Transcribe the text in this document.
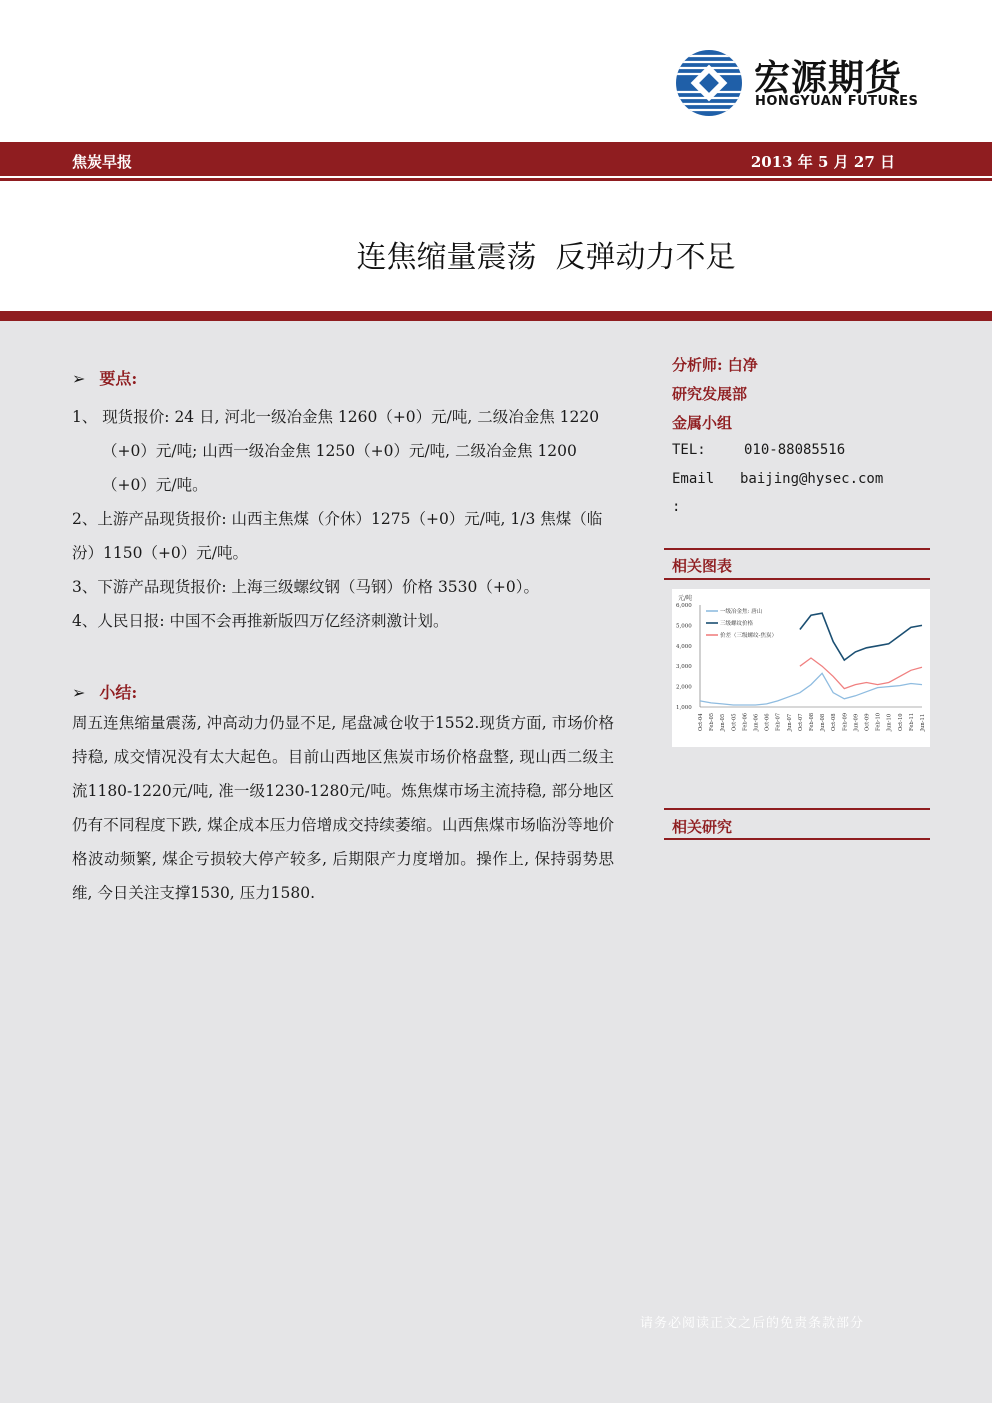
宏源期货
HONGYUAN FUTURES
焦炭早报	2013 年 5 月 27 日
连焦缩量震荡  反弹动力不足
➢ 要点:
1、 现货报价: 24 日, 河北一级冶金焦 1260（+0）元/吨, 二级冶金焦 1220（+0）元/吨; 山西一级冶金焦 1250（+0）元/吨, 二级冶金焦 1200（+0）元/吨。
2、上游产品现货报价: 山西主焦煤（介休）1275（+0）元/吨, 1/3 焦煤（临汾）1150（+0）元/吨。
3、下游产品现货报价: 上海三级螺纹钢（马钢）价格 3530（+0）。
4、人民日报: 中国不会再推新版四万亿经济刺激计划。
➢ 小结:
周五连焦缩量震荡, 冲高动力仍显不足, 尾盘减仓收于1552.现货方面, 市场价格持稳, 成交情况没有太大起色。目前山西地区焦炭市场价格盘整, 现山西二级主流1180-1220元/吨, 准一级1230-1280元/吨。炼焦煤市场主流持稳, 部分地区仍有不同程度下跌, 煤企成本压力倍增成交持续萎缩。山西焦煤市场临汾等地价格波动频繁, 煤企亏损较大停产较多, 后期限产力度增加。操作上, 保持弱势思维, 今日关注支撑1530, 压力1580.
分析师: 白净
研究发展部
金属小组
TEL:	010-88085516
Email baijing@hysec.com
:
相关图表
元/吨
6,000
5,000
4,000
3,000
2,000
1,000
Oct-04 Feb-05 Jun-05 Oct-05 Feb-06 Jun-06 Oct-06 Feb-07 Jun-07 Oct-07 Feb-08 Jun-08 Oct-08 Feb-09 Jun-09 Oct-09 Feb-10 Jun-10 Oct-10 Feb-11 Jun-11
一级冶金焦: 唐山
三级螺纹价格
价差（三级螺纹-焦炭）
相关研究
请务必阅读正文之后的免责条款部分
